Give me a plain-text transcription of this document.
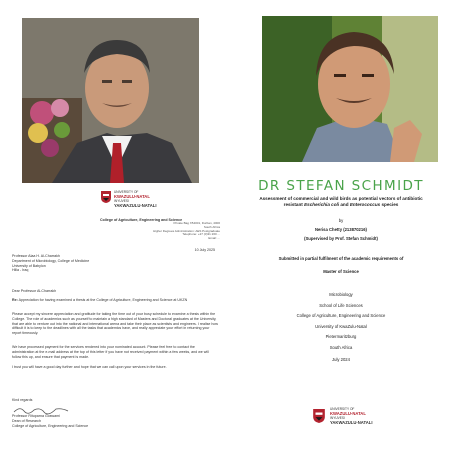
DR STEFAN SCHMIDT
UNIVERSITY OF
KWAZULU-NATAL
INYUVESI
YAKWAZULU-NATALI
College of Agriculture, Engineering and Science
Private Bag X54001, Durban, 4000
South Africa
Higher Degrees Administration: AES Postgraduate
Telephone: +27 (0)31 260 ...
Email: ...
10 July 2025
Professor Alaa H. Al-Charrakh
Department of Microbiology, College of Medicine
University of Babylon
Hilla - Iraq
Dear Professor Al-Charrakh
Re: Appreciation for having examined a thesis at the College of Agriculture, Engineering and Science at UKZN
Please accept my sincere appreciation and gratitude for taking the time out of your busy schedule to examine a thesis within the College. The role of academics such as yourself to maintain a high standard of Masters and Doctoral graduates at the University, that are able to venture out into the national and international arena and take their place as scientists and engineers. I realise how difficult it is to keep to the deadlines with all the tasks that academics have, and really appreciate your effort in returning your report timeously.
We have processed payment for the services rendered into your nominated account. Please feel free to contact the administration at the e-mail address at the top of this letter if you have not received payment within a few weeks, and we will follow this up, and ensure that payment is made.
I trust you will have a good day further and hope that we can call upon your services in the future.
Kind regards
Professor Rituparna Goswami
Dean of Research
College of Agriculture, Engineering and Science
Assessment of commercial and wild birds as potential vectors of antibiotic resistant Escherichia coli and Enterococcus species
by
Nerisa Chetty (213870216)
(Supervised by Prof. Stefan Schmidt)
Submitted in partial fulfilment of the academic requirements of
Master of Science
Microbiology
School of Life Sciences
College of Agriculture, Engineering and Science
University of KwaZulu-Natal
Pietermaritzburg
South Africa
July 2024
UNIVERSITY OF
KWAZULU-NATAL
INYUVESI
YAKWAZULU-NATALI
